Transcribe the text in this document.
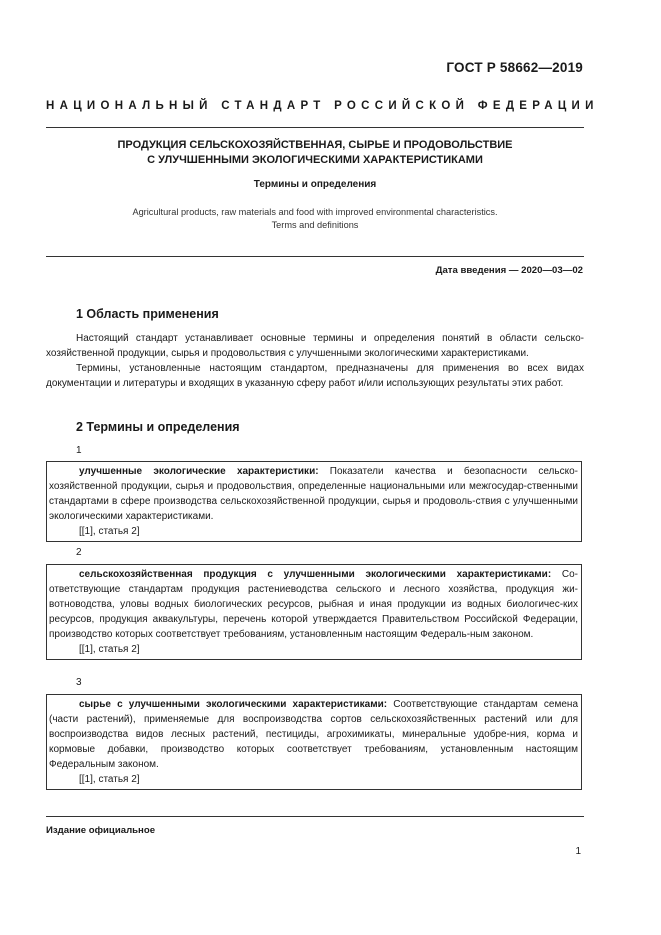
ГОСТ Р 58662—2019
НАЦИОНАЛЬНЫЙ СТАНДАРТ РОССИЙСКОЙ ФЕДЕРАЦИИ
ПРОДУКЦИЯ СЕЛЬСКОХОЗЯЙСТВЕННАЯ, СЫРЬЕ И ПРОДОВОЛЬСТВИЕ
С УЛУЧШЕННЫМИ ЭКОЛОГИЧЕСКИМИ ХАРАКТЕРИСТИКАМИ
Термины и определения
Agricultural products, raw materials and food with improved environmental characteristics.
Terms and definitions
Дата введения — 2020—03—02
1 Область применения

Настоящий стандарт устанавливает основные термины и определения понятий в области сельско-хозяйственной продукции, сырья и продовольствия с улучшенными экологическими характеристиками.

Термины, установленные настоящим стандартом, предназначены для применения во всех видах документации и литературы и входящих в указанную сферу работ и/или использующих результаты этих работ.

2 Термины и определения
1

улучшенные экологические характеристики: Показатели качества и безопасности сельско-хозяйственной продукции, сырья и продовольствия, определенные национальными или межгосудар-ственными стандартами в сфере производства сельскохозяйственной продукции, сырья и продоволь-ствия с улучшенными экологическими характеристиками.

[[1], статья 2]

2

сельскохозяйственная продукция с улучшенными экологическими характеристиками: Со-ответствующие стандартам продукция растениеводства сельского и лесного хозяйства, продукция жи-вотноводства, уловы водных биологических ресурсов, рыбная и иная продукции из водных биологичес-ких ресурсов, продукция аквакультуры, перечень которой утверждается Правительством Российской Федерации, производство которых соответствует требованиям, установленным настоящим Федераль-ным законом.

[[1], статья 2]

3

сырье с улучшенными экологическими характеристиками: Соответствующие стандартам семена (части растений), применяемые для воспроизводства сортов сельскохозяйственных растений или для воспроизводства видов лесных растений, пестициды, агрохимикаты, минеральные удобре-ния, корма и кормовые добавки, производство которых соответствует требованиям, установленным настоящим Федеральным законом.

[[1], статья 2]

Издание официальное
1
